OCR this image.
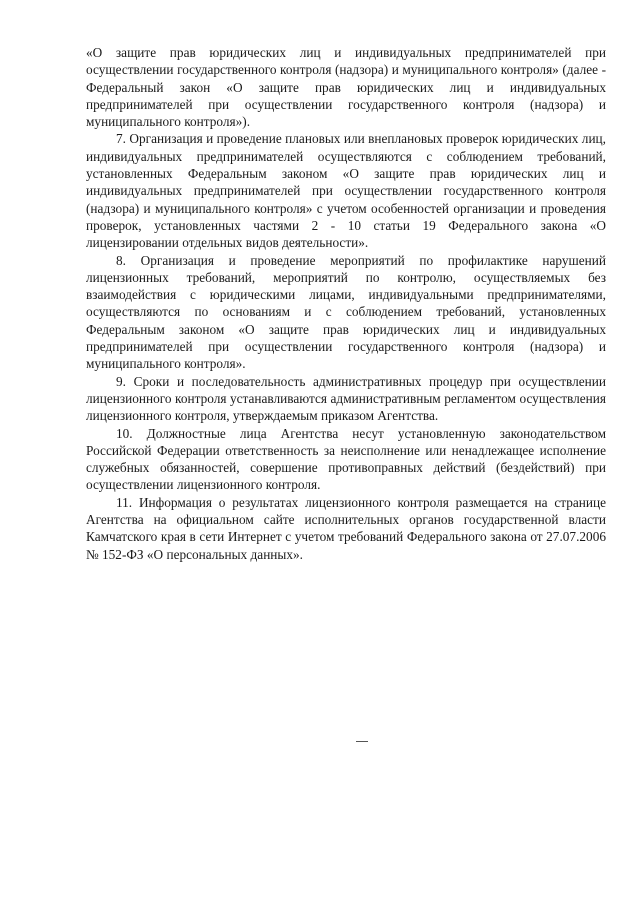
«О защите прав юридических лиц и индивидуальных предпринимателей при осуществлении государственного контроля (надзора) и муниципального контроля» (далее - Федеральный закон «О защите прав юридических лиц и индивидуальных предпринимателей при осуществлении государственного контроля (надзора) и муниципального контроля»).

7. Организация и проведение плановых или внеплановых проверок юридических лиц, индивидуальных предпринимателей осуществляются с соблюдением требований, установленных Федеральным законом «О защите прав юридических лиц и индивидуальных предпринимателей при осуществлении государственного контроля (надзора) и муниципального контроля» с учетом особенностей организации и проведения проверок, установленных частями 2 - 10 статьи 19 Федерального закона «О лицензировании отдельных видов деятельности».

8. Организация и проведение мероприятий по профилактике нарушений лицензионных требований, мероприятий по контролю, осуществляемых без взаимодействия с юридическими лицами, индивидуальными предпринимателями, осуществляются по основаниям и с соблюдением требований, установленных Федеральным законом «О защите прав юридических лиц и индивидуальных предпринимателей при осуществлении государственного контроля (надзора) и муниципального контроля».

9. Сроки и последовательность административных процедур при осуществлении лицензионного контроля устанавливаются административным регламентом осуществления лицензионного контроля, утверждаемым приказом Агентства.

10. Должностные лица Агентства несут установленную законодательством Российской Федерации ответственность за неисполнение или ненадлежащее исполнение служебных обязанностей, совершение противоправных действий (бездействий) при осуществлении лицензионного контроля.

11. Информация о результатах лицензионного контроля размещается на странице Агентства на официальном сайте исполнительных органов государственной власти Камчатского края в сети Интернет с учетом требований Федерального закона от 27.07.2006 № 152-ФЗ «О персональных данных».
